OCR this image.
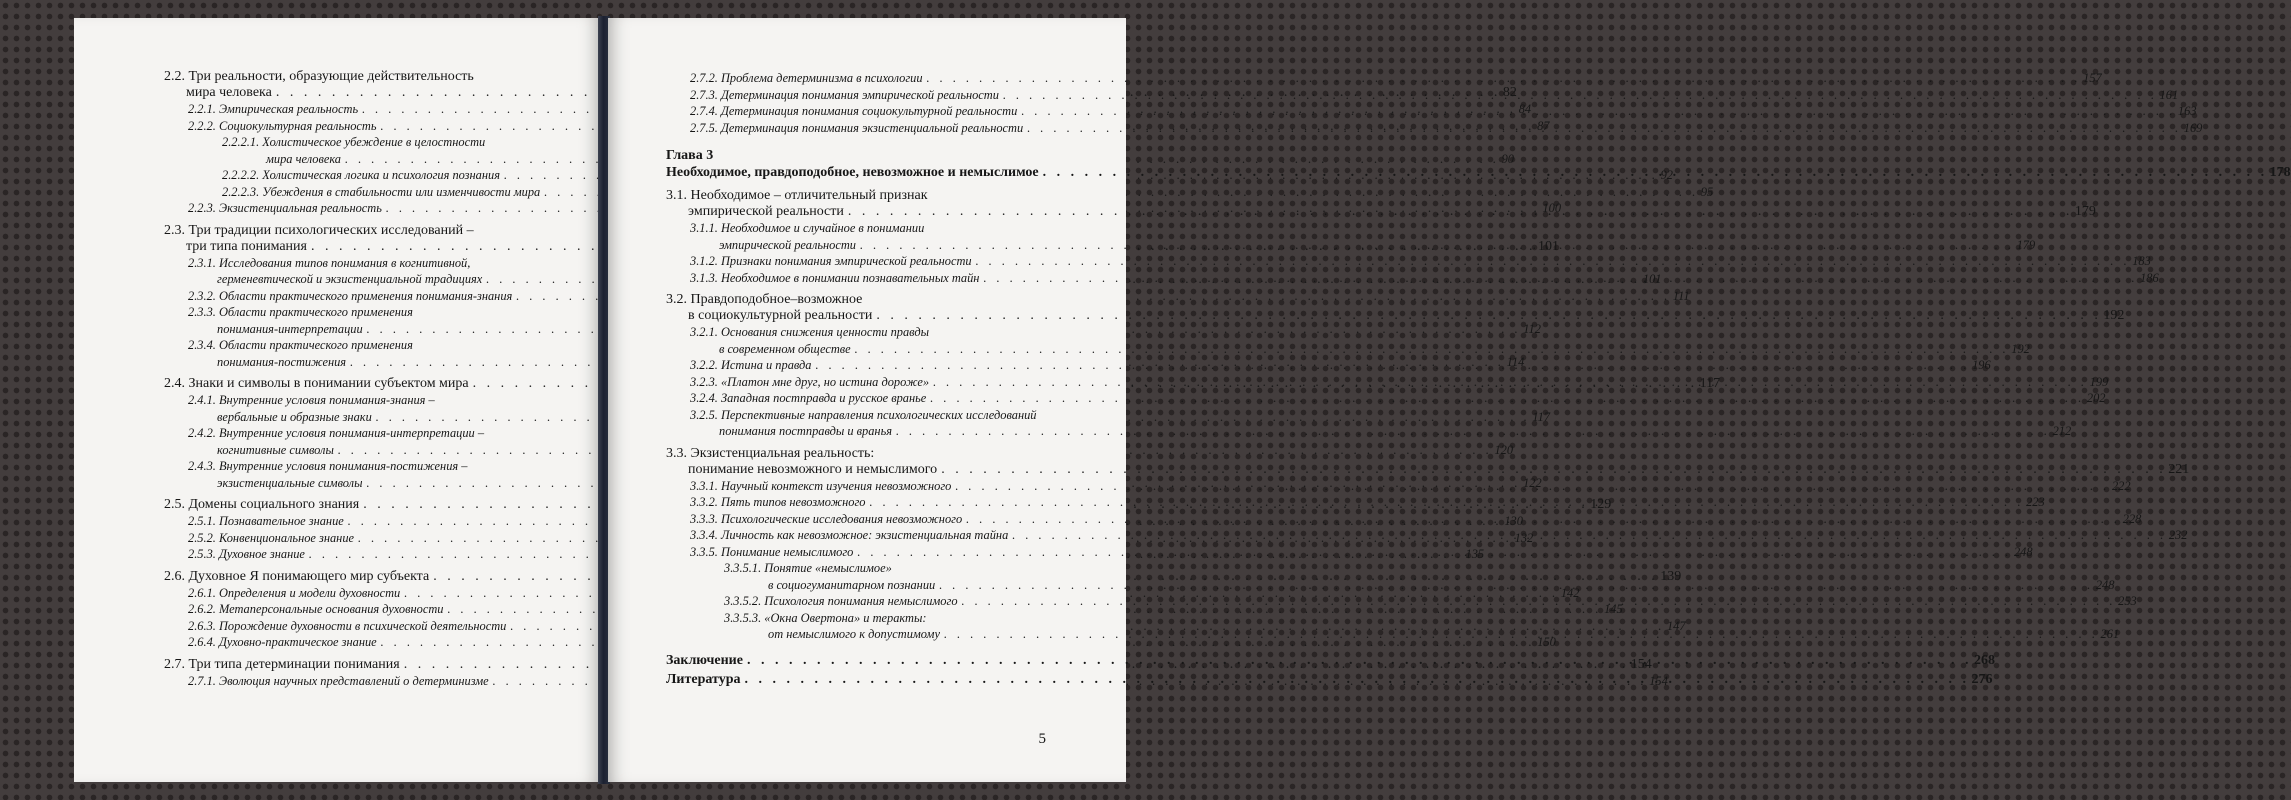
2.2. Три реальности, образующие действительность
мира человека . . .	82
2.2.1. Эмпирическая реальность . . .	84
2.2.2. Социокультурная реальность . . .	87
2.2.2.1. Холистическое убеждение в целостности
мира человека . . .	90
2.2.2.2. Холистическая логика и психология познания . . .	92
2.2.2.3. Убеждения в стабильности или изменчивости мира . . .	95
2.2.3. Экзистенциальная реальность . . .	100
2.3. Три традиции психологических исследований –
три типа понимания . . .	101
2.3.1. Исследования типов понимания в когнитивной,
герменевтической и экзистенциальной традициях . . .	101
2.3.2. Области практического применения понимания-знания . . .	111
2.3.3. Области практического применения
понимания-интерпретации . . .	112
2.3.4. Области практического применения
понимания-постижения . . .	114
2.4. Знаки и символы в понимании субъектом мира . . .	117
2.4.1. Внутренние условия понимания-знания –
вербальные и образные знаки . . .	117
2.4.2. Внутренние условия понимания-интерпретации –
когнитивные символы . . .	120
2.4.3. Внутренние условия понимания-постижения –
экзистенциальные символы . . .	122
2.5. Домены социального знания . . .	129
2.5.1. Познавательное знание . . .	130
2.5.2. Конвенциональное знание . . .	132
2.5.3. Духовное знание . . .	135
2.6. Духовное Я понимающего мир субъекта . . .	139
2.6.1. Определения и модели духовности . . .	142
2.6.2. Метаперсональные основания духовности . . .	145
2.6.3. Порождение духовности в психической деятельности . . .	147
2.6.4. Духовно-практическое знание . . .	150
2.7. Три типа детерминации понимания . . .	154
2.7.1. Эволюция научных представлений о детерминизме . . .	154
2.7.2. Проблема детерминизма в психологии . . .	157
2.7.3. Детерминация понимания эмпирической реальности . . .	161
2.7.4. Детерминация понимания социокультурной реальности . . .	163
2.7.5. Детерминация понимания экзистенциальной реальности . . .	169
Глава 3
Необходимое, правдоподобное, невозможное и немыслимое . . .	178
3.1. Необходимое – отличительный признак
эмпирической реальности . . .	179
3.1.1. Необходимое и случайное в понимании
эмпирической реальности . . .	179
3.1.2. Признаки понимания эмпирической реальности . . .	183
3.1.3. Необходимое в понимании познавательных тайн . . .	186
3.2. Правдоподобное–возможное
в социокультурной реальности . . .	192
3.2.1. Основания снижения ценности правды
в современном обществе . . .	192
3.2.2. Истина и правда . . .	196
3.2.3. «Платон мне друг, но истина дороже» . . .	199
3.2.4. Западная постправда и русское вранье . . .	202
3.2.5. Перспективные направления психологических исследований
понимания постправды и вранья . . .	212
3.3. Экзистенциальная реальность:
понимание невозможного и немыслимого . . .	221
3.3.1. Научный контекст изучения невозможного . . .	222
3.3.2. Пять типов невозможного . . .	223
3.3.3. Психологические исследования невозможного . . .	228
3.3.4. Личность как невозможное: экзистенциальная тайна . . .	232
3.3.5. Понимание немыслимого . . .	248
3.3.5.1. Понятие «немыслимое»
в социогуманитарном познании . . .	248
3.3.5.2. Психология понимания немыслимого . . .	253
3.3.5.3. «Окна Овертона» и теракты:
от немыслимого к допустимому . . .	261
Заключение . . .	268
Литература . . .	276
5
